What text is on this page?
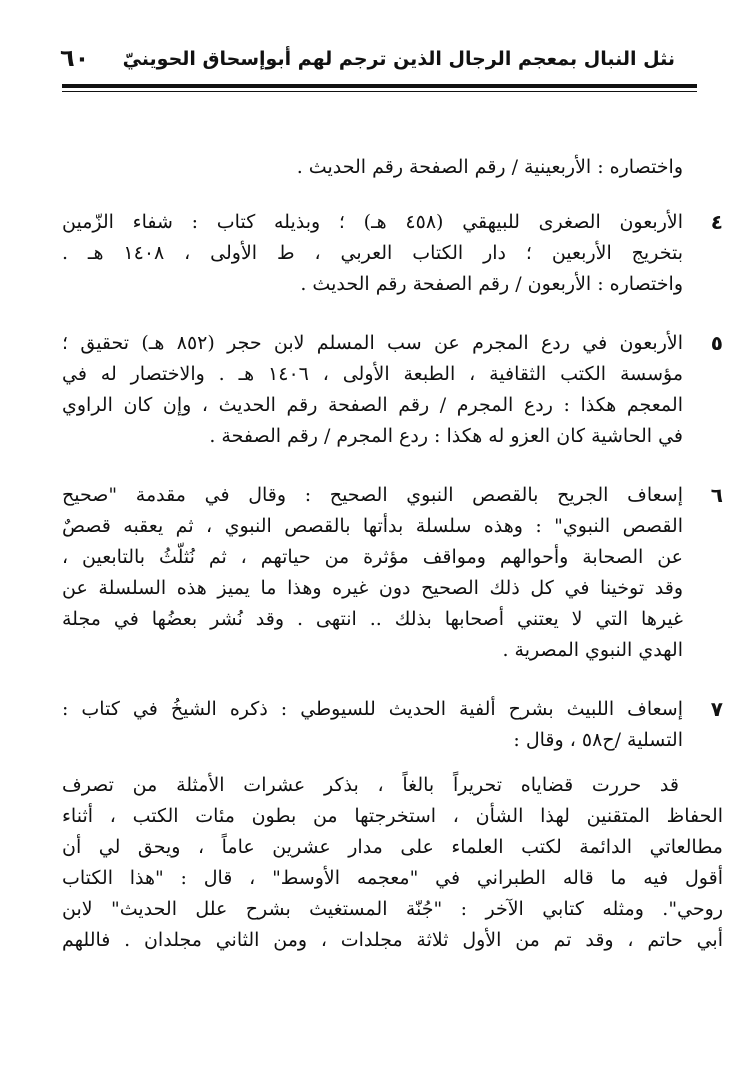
نثل النبال بمعجم الرجال الذين ترجم لهم أبوإسحاق الحوينيّ
٦٠
واختصاره : الأربعينية / رقم الصفحة رقم الحديث .
٤
الأربعون الصغرى للبيهقي (٤٥٨ هـ) ؛ وبذيله كتاب : شفاء الزّمين
بتخريج الأربعين ؛ دار الكتاب العربي ، ط الأولى ، ١٤٠٨ هـ .
واختصاره : الأربعون / رقم الصفحة رقم الحديث .
٥
الأربعون في ردع المجرم عن سب المسلم لابن حجر (٨٥٢ هـ) تحقيق ؛
مؤسسة الكتب الثقافية ، الطبعة الأولى ، ١٤٠٦ هـ . والاختصار له في
المعجم هكذا : ردع المجرم / رقم الصفحة رقم الحديث ، وإن كان الراوي
في الحاشية كان العزو له هكذا : ردع المجرم / رقم الصفحة .
٦
إسعاف الجريح بالقصص النبوي الصحيح : وقال في مقدمة "صحيح
القصص النبوي" : وهذه سلسلة بدأتها بالقصص النبوي ، ثم يعقبه قصصٌ
عن الصحابة وأحوالهم ومواقف مؤثرة من حياتهم ، ثم نُثلّثُ بالتابعين ،
وقد توخينا في كل ذلك الصحيح دون غيره وهذا ما يميز هذه السلسلة عن
غيرها التي لا يعتني أصحابها بذلك .. انتهى . وقد نُشر بعضُها في مجلة
الهدي النبوي المصرية .
٧
إسعاف اللبيث بشرح ألفية الحديث للسيوطي : ذكره الشيخُ في كتاب :
التسلية /ح٥٨ ، وقال :
قد حررت قضاياه تحريراً بالغاً ، بذكر عشرات الأمثلة من تصرف
الحفاظ المتقنين لهذا الشأن ، استخرجتها من بطون مئات الكتب ، أثناء
مطالعاتي الدائمة لكتب العلماء على مدار عشرين عاماً ، ويحق لي أن
أقول فيه ما قاله الطبراني في "معجمه الأوسط" ، قال : "هذا الكتاب
روحي". ومثله كتابي الآخر : "جُنّة المستغيث بشرح علل الحديث" لابن
أبي حاتم ، وقد تم من الأول ثلاثة مجلدات ، ومن الثاني مجلدان . فاللهم
